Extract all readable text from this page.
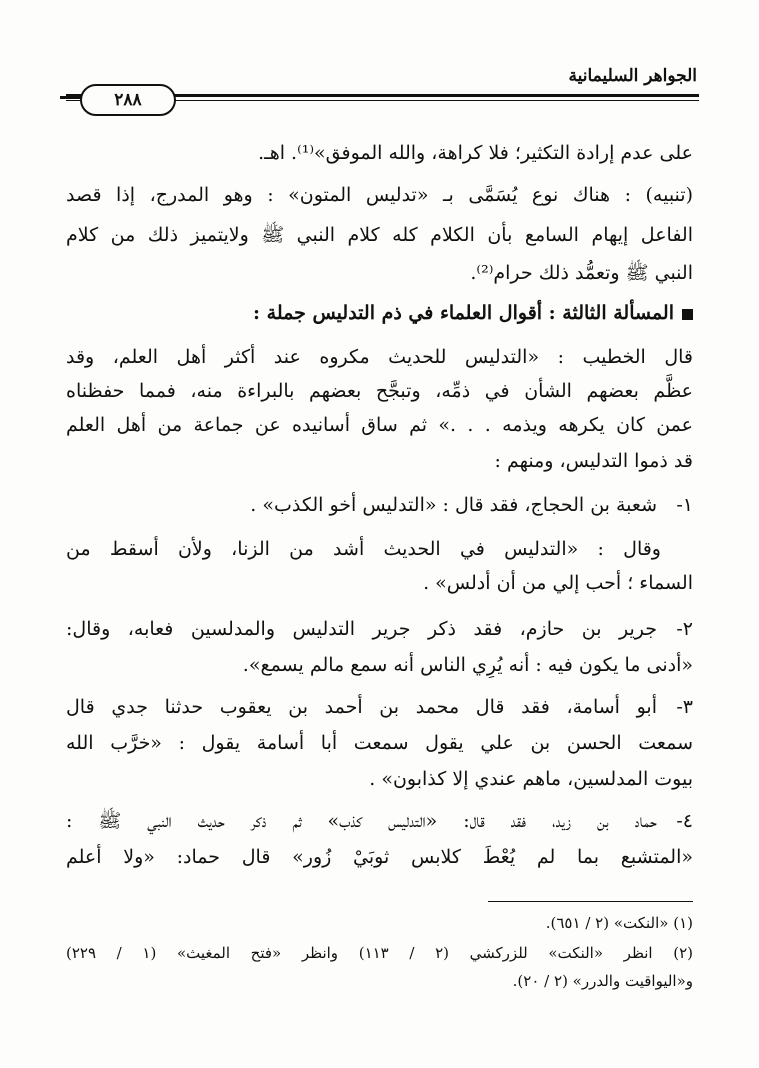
الجواهر السليمانية
٢٨٨
على عدم إرادة التكثير؛ فلا كراهة، والله الموفق»⁽¹⁾. اهـ.
(تنبيه) : هناك نوع يُسَمَّى بـ «تدليس المتون» : وهو المدرج، إذا قصد
الفاعل إيهام السامع بأن الكلام كله كلام النبي ﷺ ولايتميز ذلك من كلام
النبي ﷺ وتعمُّد ذلك حرام⁽²⁾.
المسألة الثالثة : أقوال العلماء في ذم التدليس جملة :
قال الخطيب : «التدليس للحديث مكروه عند أكثر أهل العلم، وقد
عظَّم بعضهم الشأن في ذمِّه، وتبجَّح بعضهم بالبراءة منه، فمما حفظناه
عمن كان يكرهه ويذمه . . .» ثم ساق أسانيده عن جماعة من أهل العلم
قد ذموا التدليس، ومنهم :
١-
شعبة بن الحجاج، فقد قال : «التدليس أخو الكذب» .
وقال : «التدليس في الحديث أشد من الزنا، ولأن أسقط من
السماء ؛ أحب إلي من أن أدلس» .
٢-
جرير بن حازم، فقد ذكر جرير التدليس والمدلسين فعابه، وقال:
«أدنى ما يكون فيه : أنه يُرِي الناس أنه سمع مالم يسمع».
٣-
أبو أسامة، فقد قال محمد بن أحمد بن يعقوب حدثنا جدي قال
سمعت الحسن بن علي يقول سمعت أبا أسامة يقول : «خرَّب الله
بيوت المدلسين، ماهم عندي إلا كذابون» .
٤-
حماد بن زيد، فقد قال: «التدليس كذب» ثم ذكر حديث النبي ﷺ :
«المتشبع بما لم يُعْطَ كلابس ثوبَيْ زُور» قال حماد: «ولا أعلم
(١) «النكت» (٢ / ٦٥١).
(٢) انظر «النكت» للزركشي (٢ / ١١٣) وانظر «فتح المغيث» (١ / ٢٢٩)
و«اليواقيت والدرر» (٢ / ٢٠).
